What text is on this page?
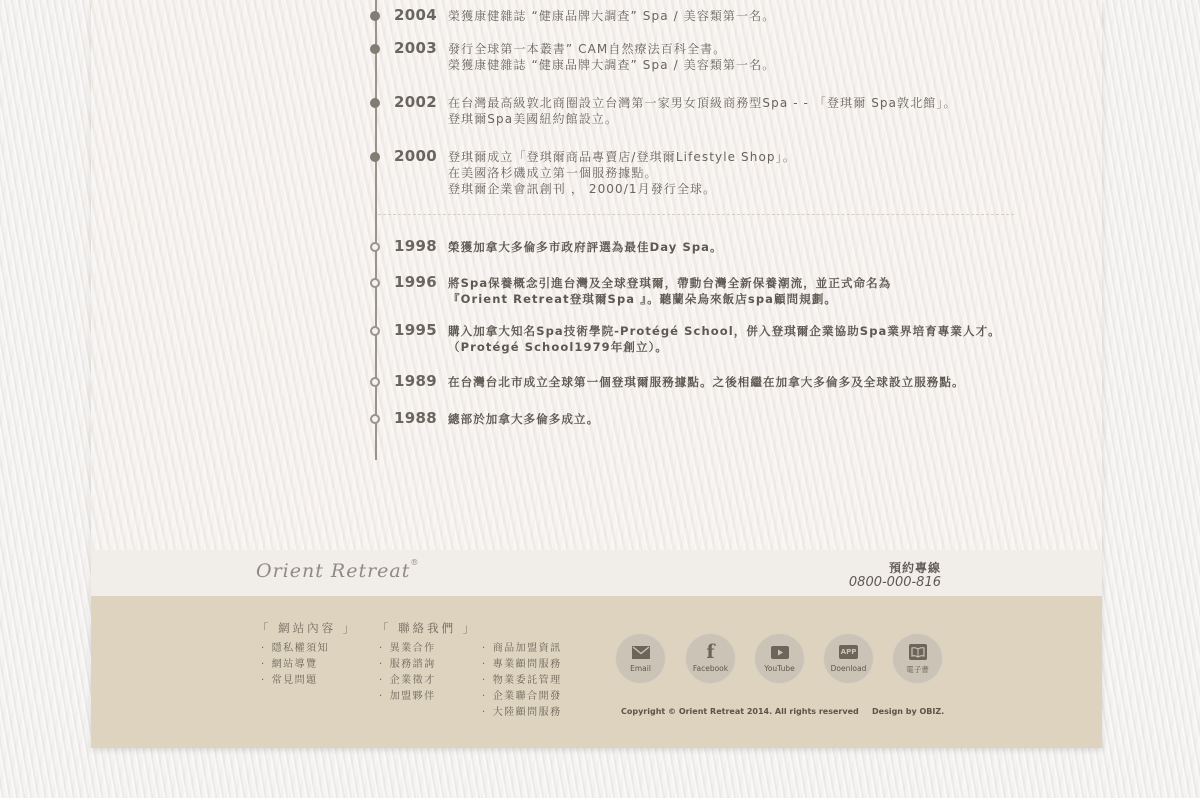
2004 榮獲康健雜誌 “健康品牌大調查” Spa / 美容類第一名。
2003 發行全球第一本叢書” CAM自然療法百科全書。
榮獲康健雜誌 “健康品牌大調查” Spa / 美容類第一名。
2002 在台灣最高級敦北商圈設立台灣第一家男女頂級商務型Spa - - 「登琪爾 Spa敦北館」。
登琪爾Spa美國紐約館設立。
2000 登琪爾成立「登琪爾商品專賣店/登琪爾Lifestyle Shop」。
在美國洛杉磯成立第一個服務據點。
登琪爾企業會訊創刊 ， 2000/1月發行全球。
1998 榮獲加拿大多倫多市政府評選為最佳Day Spa。
1996 將Spa保養概念引進台灣及全球登琪爾，帶動台灣全新保養潮流，並正式命名為
『Orient Retreat登琪爾Spa 』。聽蘭朵烏來飯店spa顧問規劃。
1995 購入加拿大知名Spa技術學院-Protégé School，併入登琪爾企業協助Spa業界培育專業人才。
（Protégé School1979年創立）。
1989 在台灣台北市成立全球第一個登琪爾服務據點。之後相繼在加拿大多倫多及全球設立服務點。
1988 總部於加拿大多倫多成立。
Orient Retreat®	預約專線
0800-000-816
「 網站內容 」
· 隱私權須知
· 網站導覽
· 常見問題
「 聯絡我們 」
· 異業合作
· 服務諮詢
· 企業徵才
· 加盟夥伴
· 商品加盟資訊
· 專業顧問服務
· 物業委託管理
· 企業聯合開發
· 大陸顧問服務
Email
f
Facebook	YouTube
APP
Doenload	電子書
Copyright © Orient Retreat 2014. All rights reserved Design by OBIZ.
